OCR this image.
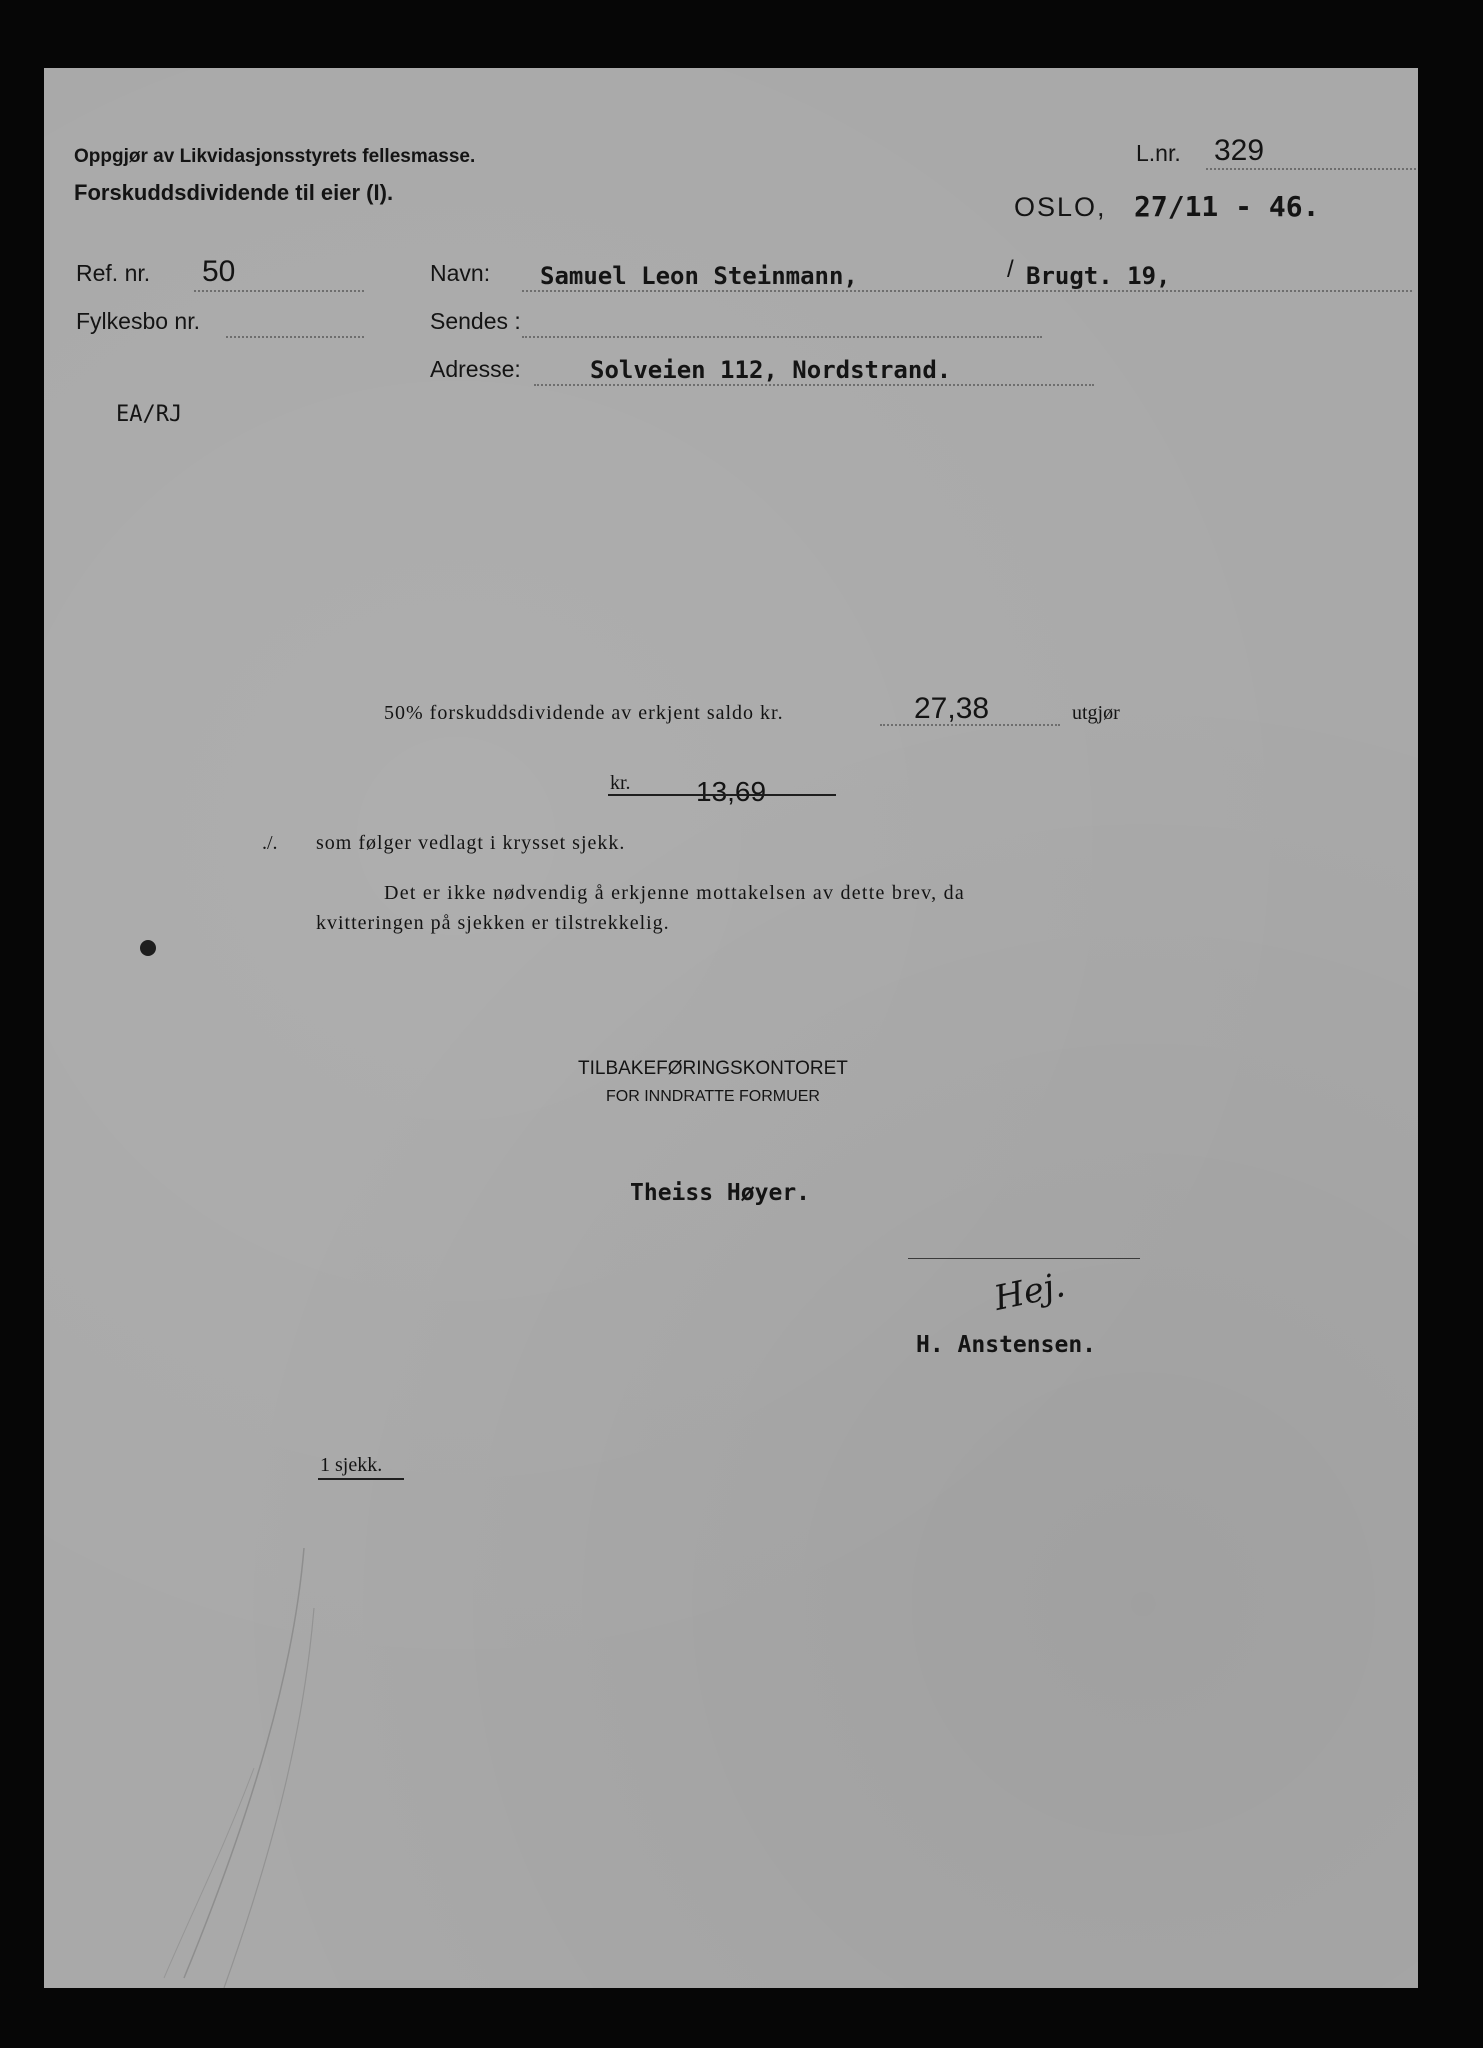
Oppgjør av Likvidasjonsstyrets fellesmasse.
Forskuddsdividende til eier (I).
L.nr. 329
OSLO, 27/11 - 46.
Ref. nr. 50
Fylkesbo nr.
Navn: Samuel Leon Steinmann,	/ Brugt. 19,
Sendes :
Adresse:	Solveien 112, Nordstrand.
EA/RJ
50% forskuddsdividende av erkjent saldo kr.	27,38	utgjør
kr. 13,69
./. som følger vedlagt i krysset sjekk.
Det er ikke nødvendig å erkjenne mottakelsen av dette brev, da
kvitteringen på sjekken er tilstrekkelig.
TILBAKEFØRINGSKONTORET
FOR INNDRATTE FORMUER
Theiss Høyer.
Hej.
H. Anstensen.
1 sjekk.
